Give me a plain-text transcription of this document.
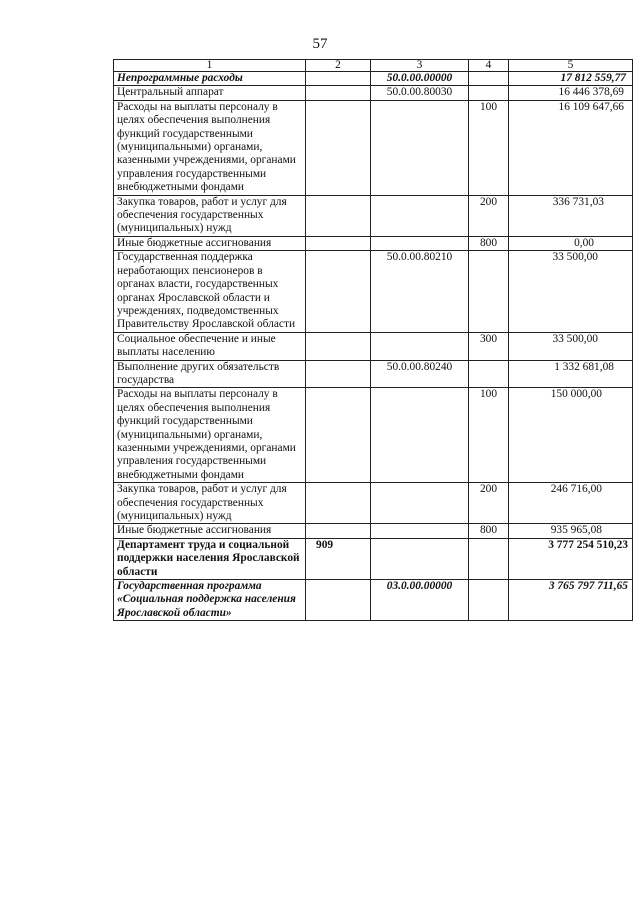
57
1	2	3	4	5
Непрограммные расходы		50.0.00.00000		17 812 559,77
Центральный аппарат		50.0.00.80030		16 446 378,69
Расходы на выплаты персоналу в целях обеспечения выполнения функций государственными (муниципальными) органами, казенными учреждениями, органами управления государственными внебюджетными фондами			100	16 109 647,66
Закупка товаров, работ и услуг для обеспечения государственных (муниципальных) нужд			200	336 731,03
Иные бюджетные ассигнования			800	0,00
Государственная поддержка неработающих пенсионеров в органах власти, государственных органах Ярославской области и учреждениях, подведомственных Правительству Ярославской области		50.0.00.80210		33 500,00
Социальное обеспечение и иные выплаты населению			300	33 500,00
Выполнение других обязательств государства		50.0.00.80240		1 332 681,08
Расходы на выплаты персоналу в целях обеспечения выполнения функций государственными (муниципальными) органами, казенными учреждениями, органами управления государственными внебюджетными фондами			100	150 000,00
Закупка товаров, работ и услуг для обеспечения государственных (муниципальных) нужд			200	246 716,00
Иные бюджетные ассигнования			800	935 965,08
Департамент труда и социальной поддержки населения Ярославской области	909			3 777 254 510,23
Государственная программа «Социальная поддержка населения Ярославской области»		03.0.00.00000		3 765 797 711,65
